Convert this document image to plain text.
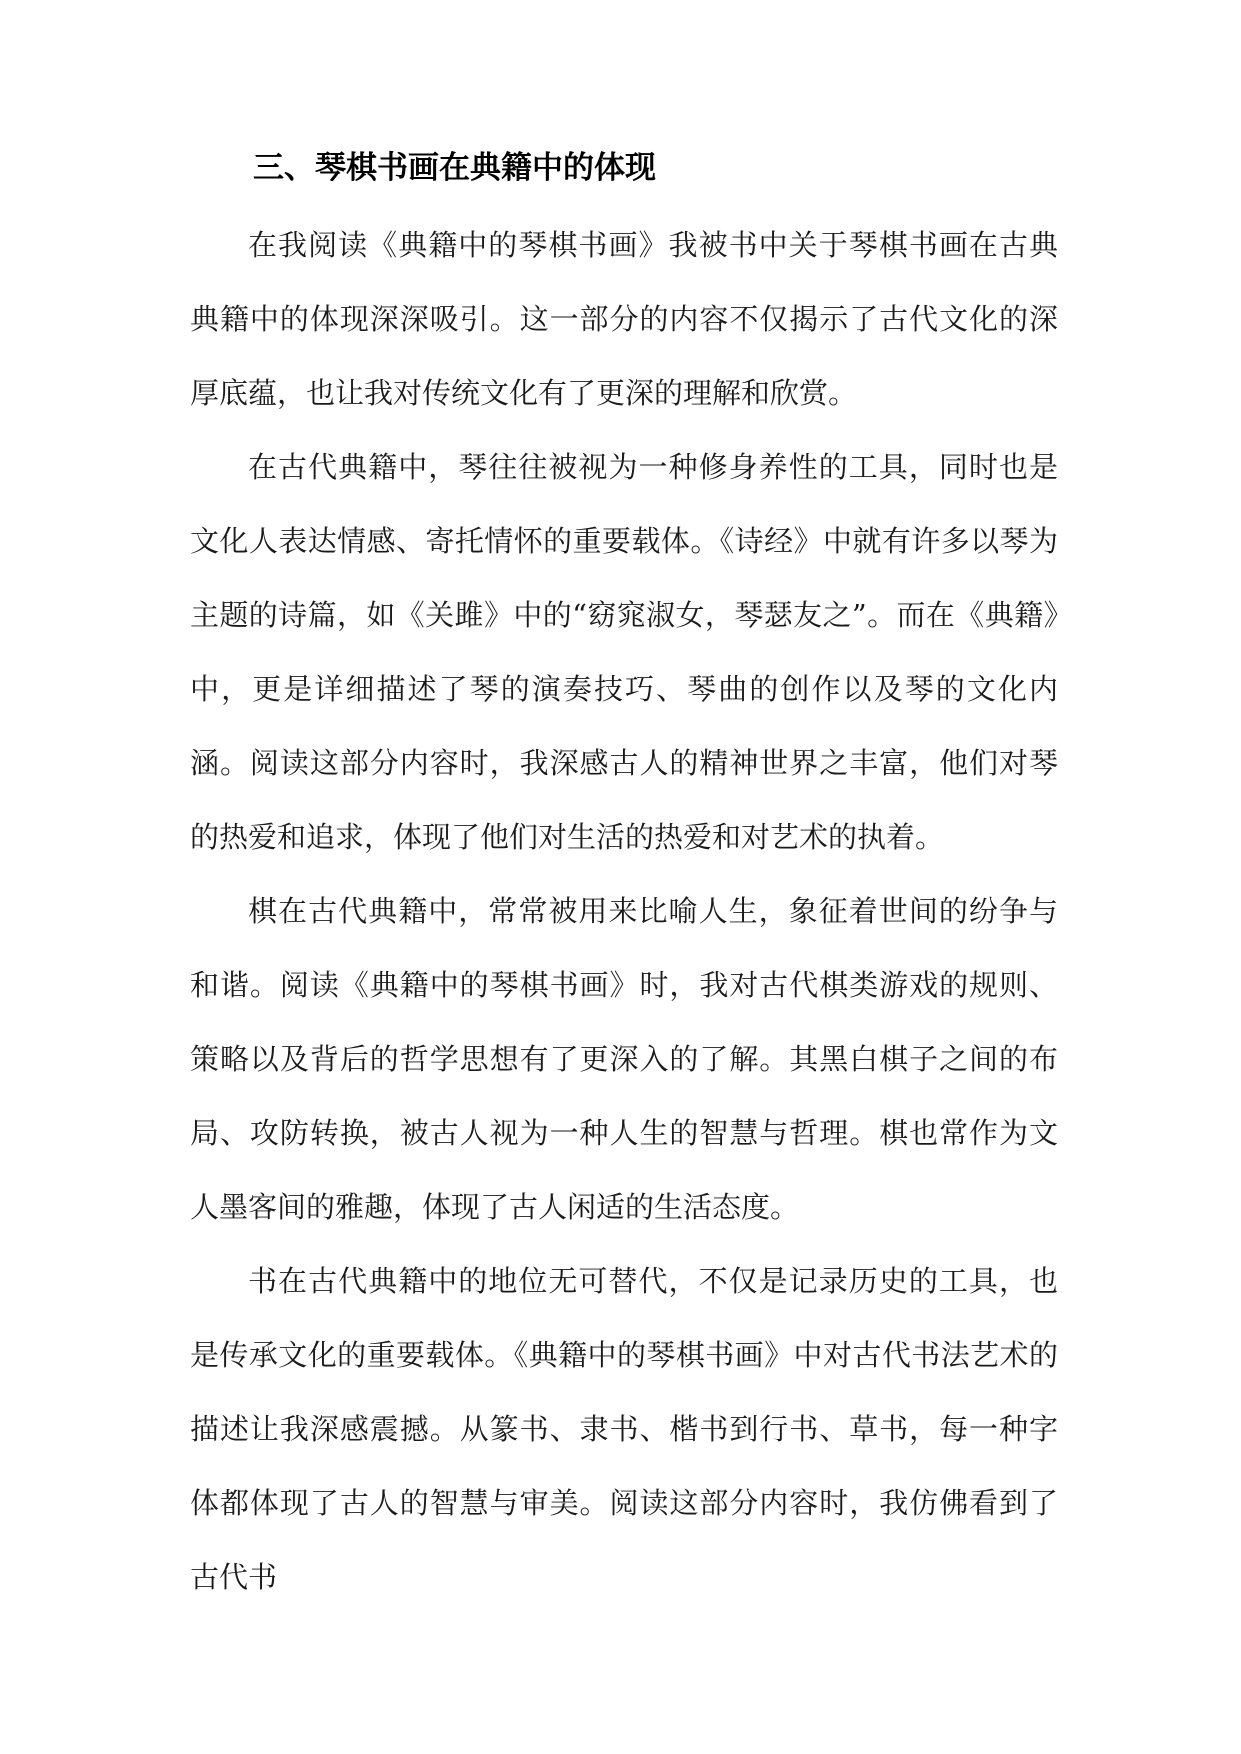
三、琴棋书画在典籍中的体现

在我阅读《典籍中的琴棋书画》我被书中关于琴棋书画在古典典籍中的体现深深吸引。这一部分的内容不仅揭示了古代文化的深厚底蕴，也让我对传统文化有了更深的理解和欣赏。

在古代典籍中，琴往往被视为一种修身养性的工具，同时也是文化人表达情感、寄托情怀的重要载体。《诗经》中就有许多以琴为主题的诗篇，如《关雎》中的“窈窕淑女，琴瑟友之”。而在《典籍》中，更是详细描述了琴的演奏技巧、琴曲的创作以及琴的文化内涵。阅读这部分内容时，我深感古人的精神世界之丰富，他们对琴的热爱和追求，体现了他们对生活的热爱和对艺术的执着。

棋在古代典籍中，常常被用来比喻人生，象征着世间的纷争与和谐。阅读《典籍中的琴棋书画》时，我对古代棋类游戏的规则、策略以及背后的哲学思想有了更深入的了解。其黑白棋子之间的布局、攻防转换，被古人视为一种人生的智慧与哲理。棋也常作为文人墨客间的雅趣，体现了古人闲适的生活态度。

书在古代典籍中的地位无可替代，不仅是记录历史的工具，也是传承文化的重要载体。《典籍中的琴棋书画》中对古代书法艺术的描述让我深感震撼。从篆书、隶书、楷书到行书、草书，每一种字体都体现了古人的智慧与审美。阅读这部分内容时，我仿佛看到了古代书
